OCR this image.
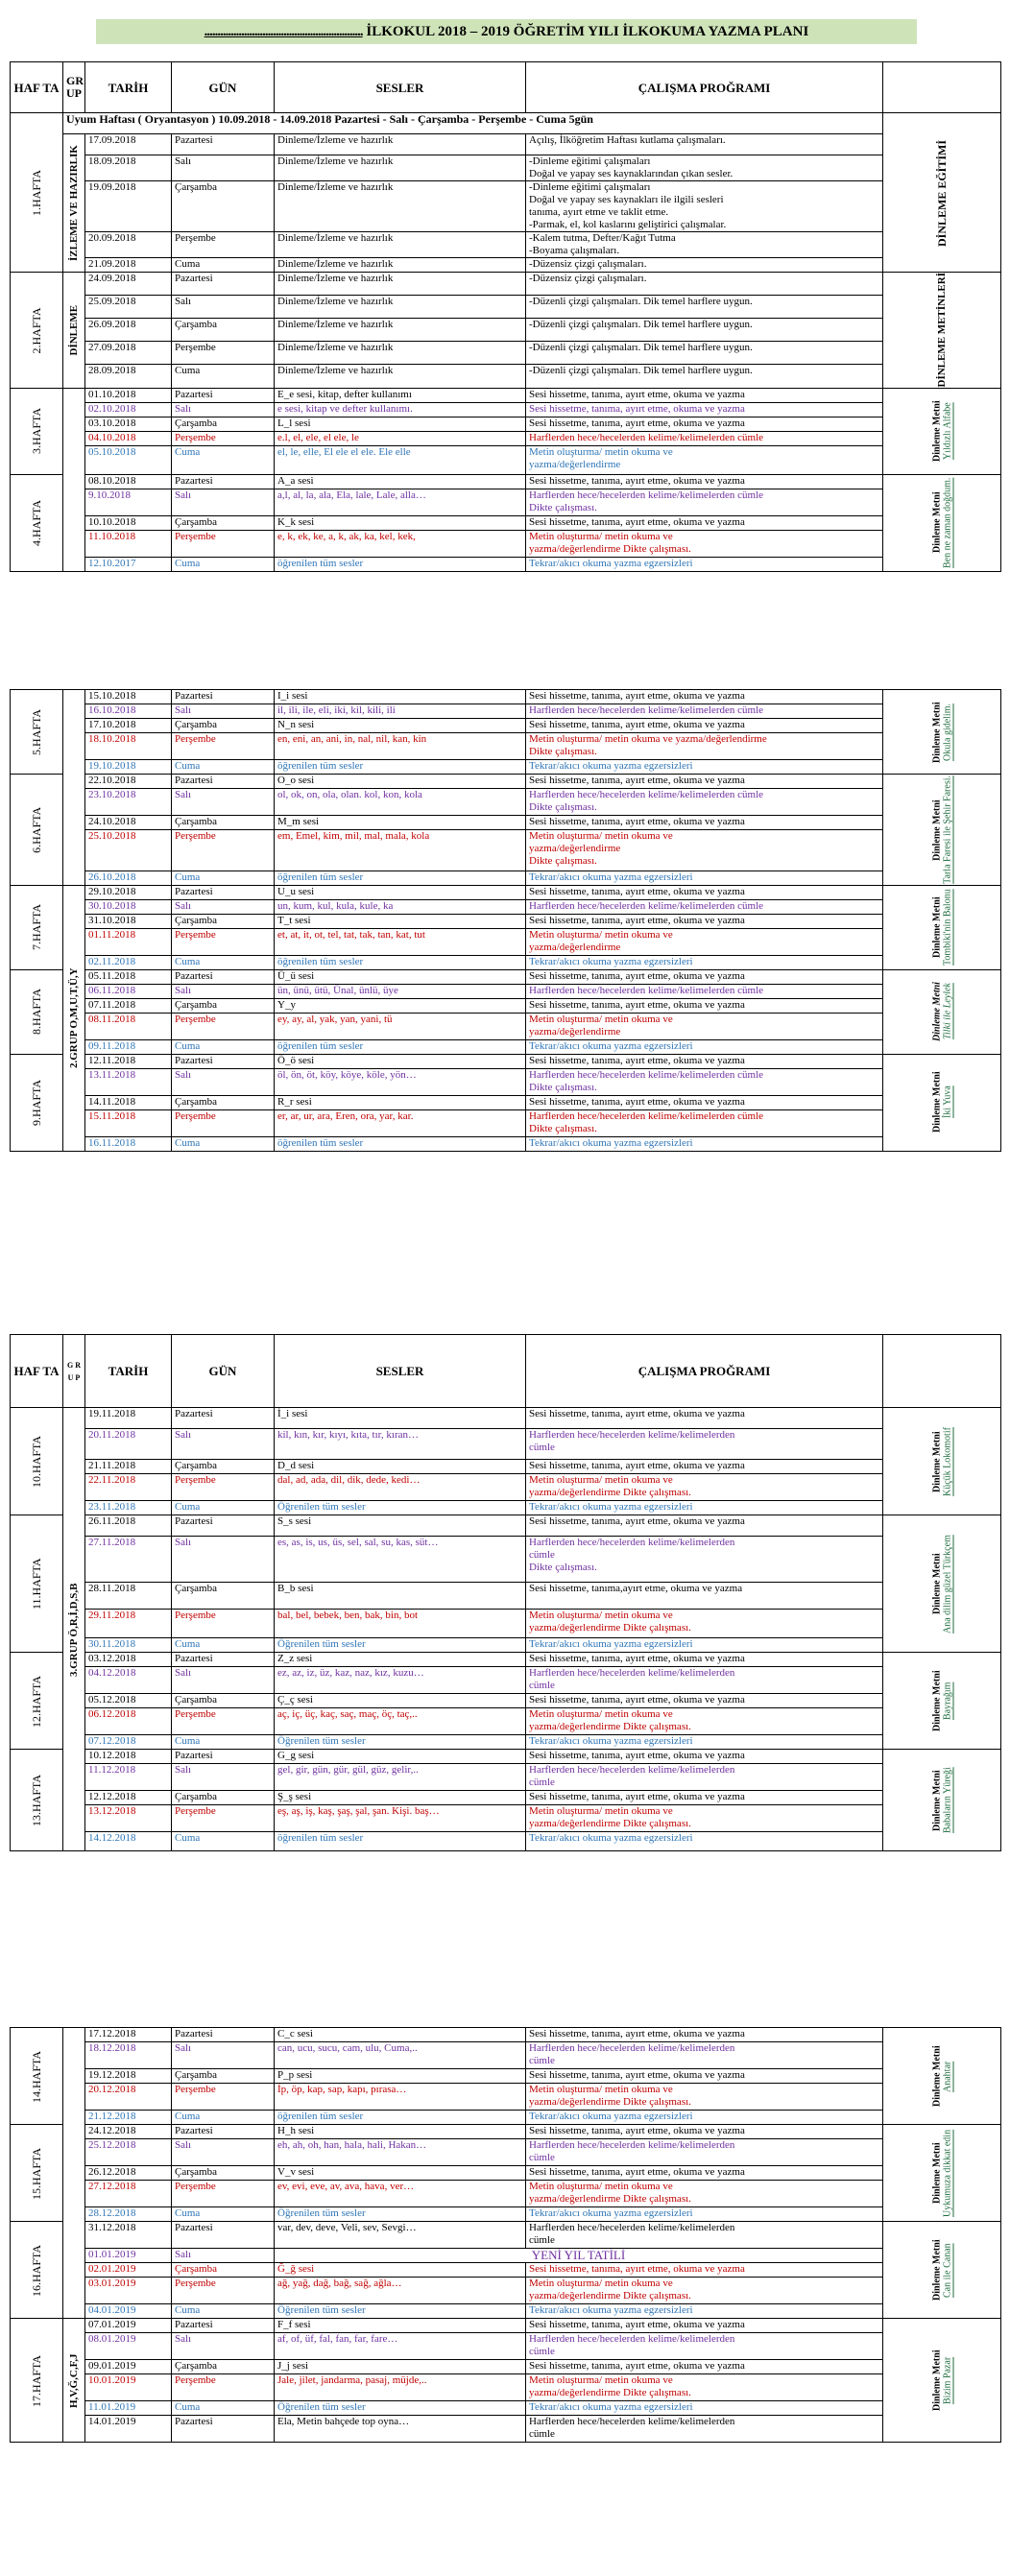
............................................................ İLKOKUL 2018 – 2019 ÖĞRETİM YILI İLKOKUMA YAZMA PLANI
HAF TA	GR UP	TARİH	GÜN	SESLER	ÇALIŞMA PROĞRAMI	
1.HAFTA	Uyum Haftası ( Oryantasyon ) 10.09.2018 - 14.09.2018 Pazartesi - Salı - Çarşamba - Perşembe - Cuma 5gün					DİNLEME EĞİTİMİ
	İZLEME VE HAZIRLIK	17.09.2018	Pazartesi	Dinleme/İzleme ve hazırlık	Açılış, İlköğretim Haftası kutlama çalışmaları.	
		18.09.2018	Salı	Dinleme/İzleme ve hazırlık	-Dinleme eğitimi çalışmaları
Doğal ve yapay ses kaynaklarından çıkan sesler.	
		19.09.2018	Çarşamba	Dinleme/İzleme ve hazırlık	-Dinleme eğitimi çalışmaları
Doğal ve yapay ses kaynakları ile ilgili sesleri
tanıma, ayırt etme ve taklit etme.
-Parmak, el, kol kaslarını geliştirici çalışmalar.	
		20.09.2018	Perşembe	Dinleme/İzleme ve hazırlık	-Kalem tutma, Defter/Kağıt Tutma
-Boyama çalışmaları.	
		21.09.2018	Cuma	Dinleme/İzleme ve hazırlık	-Düzensiz çizgi çalışmaları.	
2.HAFTA	DİNLEME	24.09.2018	Pazartesi	Dinleme/İzleme ve hazırlık	-Düzensiz çizgi çalışmaları.	DİNLEME METİNLERİ
		25.09.2018	Salı	Dinleme/İzleme ve hazırlık	-Düzenli çizgi çalışmaları. Dik temel harflere uygun.	
		26.09.2018	Çarşamba	Dinleme/İzleme ve hazırlık	-Düzenli çizgi çalışmaları. Dik temel harflere uygun.	
		27.09.2018	Perşembe	Dinleme/İzleme ve hazırlık	-Düzenli çizgi çalışmaları. Dik temel harflere uygun.	
		28.09.2018	Cuma	Dinleme/İzleme ve hazırlık	-Düzenli çizgi çalışmaları. Dik temel harflere uygun.	
3.HAFTA		01.10.2018	Pazartesi	E_e sesi, kitap, defter kullanımı	Sesi hissetme, tanıma, ayırt etme, okuma ve yazma	Dinleme Metni
Yıldızlı Alfabe
		02.10.2018	Salı	e sesi, kitap ve defter kullanımı.	Sesi hissetme, tanıma, ayırt etme, okuma ve yazma	
		03.10.2018	Çarşamba	L_l sesi	Sesi hissetme, tanıma, ayırt etme, okuma ve yazma	
		04.10.2018	Perşembe	e.l, el, ele, el ele, le	Harflerden hece/hecelerden kelime/kelimelerden cümle	
		05.10.2018	Cuma	el, le, elle, El ele el ele. Ele elle	Metin oluşturma/ metin okuma ve
yazma/değerlendirme	
4.HAFTA		08.10.2018	Pazartesi	A_a sesi	Sesi hissetme, tanıma, ayırt etme, okuma ve yazma	Dinleme Metni
Ben ne zaman doğdum.
		9.10.2018	Salı	a,l, al, la, ala, Ela, lale, Lale, alla…	Harflerden hece/hecelerden kelime/kelimelerden cümle
Dikte çalışması.	
		10.10.2018	Çarşamba	K_k sesi	Sesi hissetme, tanıma, ayırt etme, okuma ve yazma	
		11.10.2018	Perşembe	e, k, ek, ke, a, k, ak, ka, kel, kek,	Metin oluşturma/ metin okuma ve
yazma/değerlendirme Dikte çalışması.	
		12.10.2017	Cuma	öğrenilen tüm sesler	Tekrar/akıcı okuma yazma egzersizleri	
5.HAFTA		15.10.2018	Pazartesi	I_i sesi	Sesi hissetme, tanıma, ayırt etme, okuma ve yazma	Dinleme Metni
Okula gidelim.
		16.10.2018	Salı	il, ili, ile, eli, iki, kil, kili, ili	Harflerden hece/hecelerden kelime/kelimelerden cümle	
		17.10.2018	Çarşamba	N_n sesi	Sesi hissetme, tanıma, ayırt etme, okuma ve yazma	
		18.10.2018	Perşembe	en, eni, an, ani, in, nal, nil, kan, kin	Metin oluşturma/ metin okuma ve yazma/değerlendirme
Dikte çalışması.	
		19.10.2018	Cuma	öğrenilen tüm sesler	Tekrar/akıcı okuma yazma egzersizleri	
6.HAFTA		22.10.2018	Pazartesi	O_o sesi	Sesi hissetme, tanıma, ayırt etme, okuma ve yazma	Dinleme Metni
Tarla Faresi ile Şehir Faresi.
		23.10.2018	Salı	ol, ok, on, ola, olan. kol, kon, kola	Harflerden hece/hecelerden kelime/kelimelerden cümle
Dikte çalışması.	
		24.10.2018	Çarşamba	M_m sesi	Sesi hissetme, tanıma, ayırt etme, okuma ve yazma	
		25.10.2018	Perşembe	em, Emel, kim, mil, mal, mala, kola	Metin oluşturma/ metin okuma ve
yazma/değerlendirme
Dikte çalışması.	
		26.10.2018	Cuma	öğrenilen tüm sesler	Tekrar/akıcı okuma yazma egzersizleri	
7.HAFTA	2.GRUP O,M,U,T,Ü,Y	29.10.2018	Pazartesi	U_u sesi	Sesi hissetme, tanıma, ayırt etme, okuma ve yazma	Dinleme Metni
Tombiki'nin Balonu
		30.10.2018	Salı	un, kum, kul, kula, kule, ka	Harflerden hece/hecelerden kelime/kelimelerden cümle	
		31.10.2018	Çarşamba	T_t sesi	Sesi hissetme, tanıma, ayırt etme, okuma ve yazma	
		01.11.2018	Perşembe	et, at, it, ot, tel, tat, tak, tan, kat, tut	Metin oluşturma/ metin okuma ve
yazma/değerlendirme	
		02.11.2018	Cuma	öğrenilen tüm sesler	Tekrar/akıcı okuma yazma egzersizleri	
8.HAFTA		05.11.2018	Pazartesi	Ü_ü sesi	Sesi hissetme, tanıma, ayırt etme, okuma ve yazma	Dinleme Metni
Tilki ile Leylek
		06.11.2018	Salı	ün, ünü, ütü, Ünal, ünlü, üye	Harflerden hece/hecelerden kelime/kelimelerden cümle	
		07.11.2018	Çarşamba	Y_y	Sesi hissetme, tanıma, ayırt etme, okuma ve yazma	
		08.11.2018	Perşembe	ey, ay, al, yak, yan, yani, tü	Metin oluşturma/ metin okuma ve
yazma/değerlendirme	
		09.11.2018	Cuma	öğrenilen tüm sesler	Tekrar/akıcı okuma yazma egzersizleri	
9.HAFTA		12.11.2018	Pazartesi	Ö_ö sesi	Sesi hissetme, tanıma, ayırt etme, okuma ve yazma	Dinleme Metni
İki Yuva
		13.11.2018	Salı	öl, ön, öt, köy, köye, köle, yön…	Harflerden hece/hecelerden kelime/kelimelerden cümle
Dikte çalışması.	
		14.11.2018	Çarşamba	R_r sesi	Sesi hissetme, tanıma, ayırt etme, okuma ve yazma	
		15.11.2018	Perşembe	er, ar, ur, ara, Eren, ora, yar, kar.	Harflerden hece/hecelerden kelime/kelimelerden cümle
Dikte çalışması.	
		16.11.2018	Cuma	öğrenilen tüm sesler	Tekrar/akıcı okuma yazma egzersizleri	
HAF TA	G R U P	TARİH	GÜN	SESLER	ÇALIŞMA PROĞRAMI	
10.HAFTA	3.GRUP Ö,R,İ,D,S,B	19.11.2018	Pazartesi	İ_i sesi	Sesi hissetme, tanıma, ayırt etme, okuma ve yazma	Dinleme Metni
Küçük Lokomotif
		20.11.2018	Salı	kil, kın, kır, kıyı, kıta, tır, kıran…	Harflerden hece/hecelerden kelime/kelimelerden
cümle	
		21.11.2018	Çarşamba	D_d sesi	Sesi hissetme, tanıma, ayırt etme, okuma ve yazma	
		22.11.2018	Perşembe	dal, ad, ada, dil, dik, dede, kedi…	Metin oluşturma/ metin okuma ve
yazma/değerlendirme Dikte çalışması.	
		23.11.2018	Cuma	Öğrenilen tüm sesler	Tekrar/akıcı okuma yazma egzersizleri	
11.HAFTA		26.11.2018	Pazartesi	S_s sesi	Sesi hissetme, tanıma, ayırt etme, okuma ve yazma	Dinleme Metni
Ana dilim güzel Türkçem
		27.11.2018	Salı	es, as, is, us, üs, sel, sal, su, kas, süt…	Harflerden hece/hecelerden kelime/kelimelerden
cümle
Dikte çalışması.	
		28.11.2018	Çarşamba	B_b sesi	Sesi hissetme, tanıma,ayırt etme, okuma ve yazma	
		29.11.2018	Perşembe	bal, bel, bebek, ben, bak, bin, bot	Metin oluşturma/ metin okuma ve
yazma/değerlendirme Dikte çalışması.	
		30.11.2018	Cuma	Öğrenilen tüm sesler	Tekrar/akıcı okuma yazma egzersizleri	
12.HAFTA		03.12.2018	Pazartesi	Z_z sesi	Sesi hissetme, tanıma, ayırt etme, okuma ve yazma	Dinleme Metni
Bayrağım
		04.12.2018	Salı	ez, az, iz, üz, kaz, naz, kız, kuzu…	Harflerden hece/hecelerden kelime/kelimelerden
cümle	
		05.12.2018	Çarşamba	Ç_ç sesi	Sesi hissetme, tanıma, ayırt etme, okuma ve yazma	
		06.12.2018	Perşembe	aç, iç, üç, kaç, saç, maç, öç, taç,..	Metin oluşturma/ metin okuma ve
yazma/değerlendirme Dikte çalışması.	
		07.12.2018	Cuma	Öğrenilen tüm sesler	Tekrar/akıcı okuma yazma egzersizleri	
13.HAFTA		10.12.2018	Pazartesi	G_g sesi	Sesi hissetme, tanıma, ayırt etme, okuma ve yazma	Dinleme Metni
Babaların Yüreği
		11.12.2018	Salı	gel, gir, gün, gür, gül, güz, gelir,..	Harflerden hece/hecelerden kelime/kelimelerden
cümle	
		12.12.2018	Çarşamba	Ş_ş sesi	Sesi hissetme, tanıma, ayırt etme, okuma ve yazma	
		13.12.2018	Perşembe	eş, aş, iş, kaş, şaş, şal, şan. Kişi. baş…	Metin oluşturma/ metin okuma ve
yazma/değerlendirme Dikte çalışması.	
		14.12.2018	Cuma	öğrenilen tüm sesler	Tekrar/akıcı okuma yazma egzersizleri	
14.HAFTA		17.12.2018	Pazartesi	C_c sesi	Sesi hissetme, tanıma, ayırt etme, okuma ve yazma	Dinleme Metni
Anahtar
		18.12.2018	Salı	can, ucu, sucu, cam, ulu, Cuma,..	Harflerden hece/hecelerden kelime/kelimelerden
cümle	
		19.12.2018	Çarşamba	P_p sesi	Sesi hissetme, tanıma, ayırt etme, okuma ve yazma	
		20.12.2018	Perşembe	İp, öp, kap, sap, kapı, pırasa…	Metin oluşturma/ metin okuma ve
yazma/değerlendirme Dikte çalışması.	
		21.12.2018	Cuma	öğrenilen tüm sesler	Tekrar/akıcı okuma yazma egzersizleri	
15.HAFTA		24.12.2018	Pazartesi	H_h sesi	Sesi hissetme, tanıma, ayırt etme, okuma ve yazma	Dinleme Metni
Uykumuza dikkat edin
		25.12.2018	Salı	eh, ah, oh, han, hala, hali, Hakan…	Harflerden hece/hecelerden kelime/kelimelerden
cümle	
		26.12.2018	Çarşamba	V_v sesi	Sesi hissetme, tanıma, ayırt etme, okuma ve yazma	
		27.12.2018	Perşembe	ev, evi, eve, av, ava, hava, ver…	Metin oluşturma/ metin okuma ve
yazma/değerlendirme Dikte çalışması.	
		28.12.2018	Cuma	Öğrenilen tüm sesler	Tekrar/akıcı okuma yazma egzersizleri	
16.HAFTA		31.12.2018	Pazartesi	var, dev, deve, Veli, sev, Sevgi…	Harflerden hece/hecelerden kelime/kelimelerden
cümle	Dinleme Metni
Can ile Canan
		01.01.2019	Salı	YENİ YIL TATİLİ		
		02.01.2019	Çarşamba	Ğ_ğ sesi	Sesi hissetme, tanıma, ayırt etme, okuma ve yazma	
		03.01.2019	Perşembe	ağ, yağ, dağ, bağ, sağ, ağla…	Metin oluşturma/ metin okuma ve
yazma/değerlendirme Dikte çalışması.	
		04.01.2019	Cuma	Öğrenilen tüm sesler	Tekrar/akıcı okuma yazma egzersizleri	
17.HAFTA	H,V,Ğ,C,F,J	07.01.2019	Pazartesi	F_f sesi	Sesi hissetme, tanıma, ayırt etme, okuma ve yazma	Dinleme Metni
Bizim Pazar
		08.01.2019	Salı	af, of, üf, fal, fan, far, fare…	Harflerden hece/hecelerden kelime/kelimelerden
cümle	
		09.01.2019	Çarşamba	J_j sesi	Sesi hissetme, tanıma, ayırt etme, okuma ve yazma	
		10.01.2019	Perşembe	Jale, jilet, jandarma, pasaj, müjde,..	Metin oluşturma/ metin okuma ve
yazma/değerlendirme Dikte çalışması.	
		11.01.2019	Cuma	Öğrenilen tüm sesler	Tekrar/akıcı okuma yazma egzersizleri	
		14.01.2019	Pazartesi	Ela, Metin bahçede top oyna…	Harflerden hece/hecelerden kelime/kelimelerden
cümle	
